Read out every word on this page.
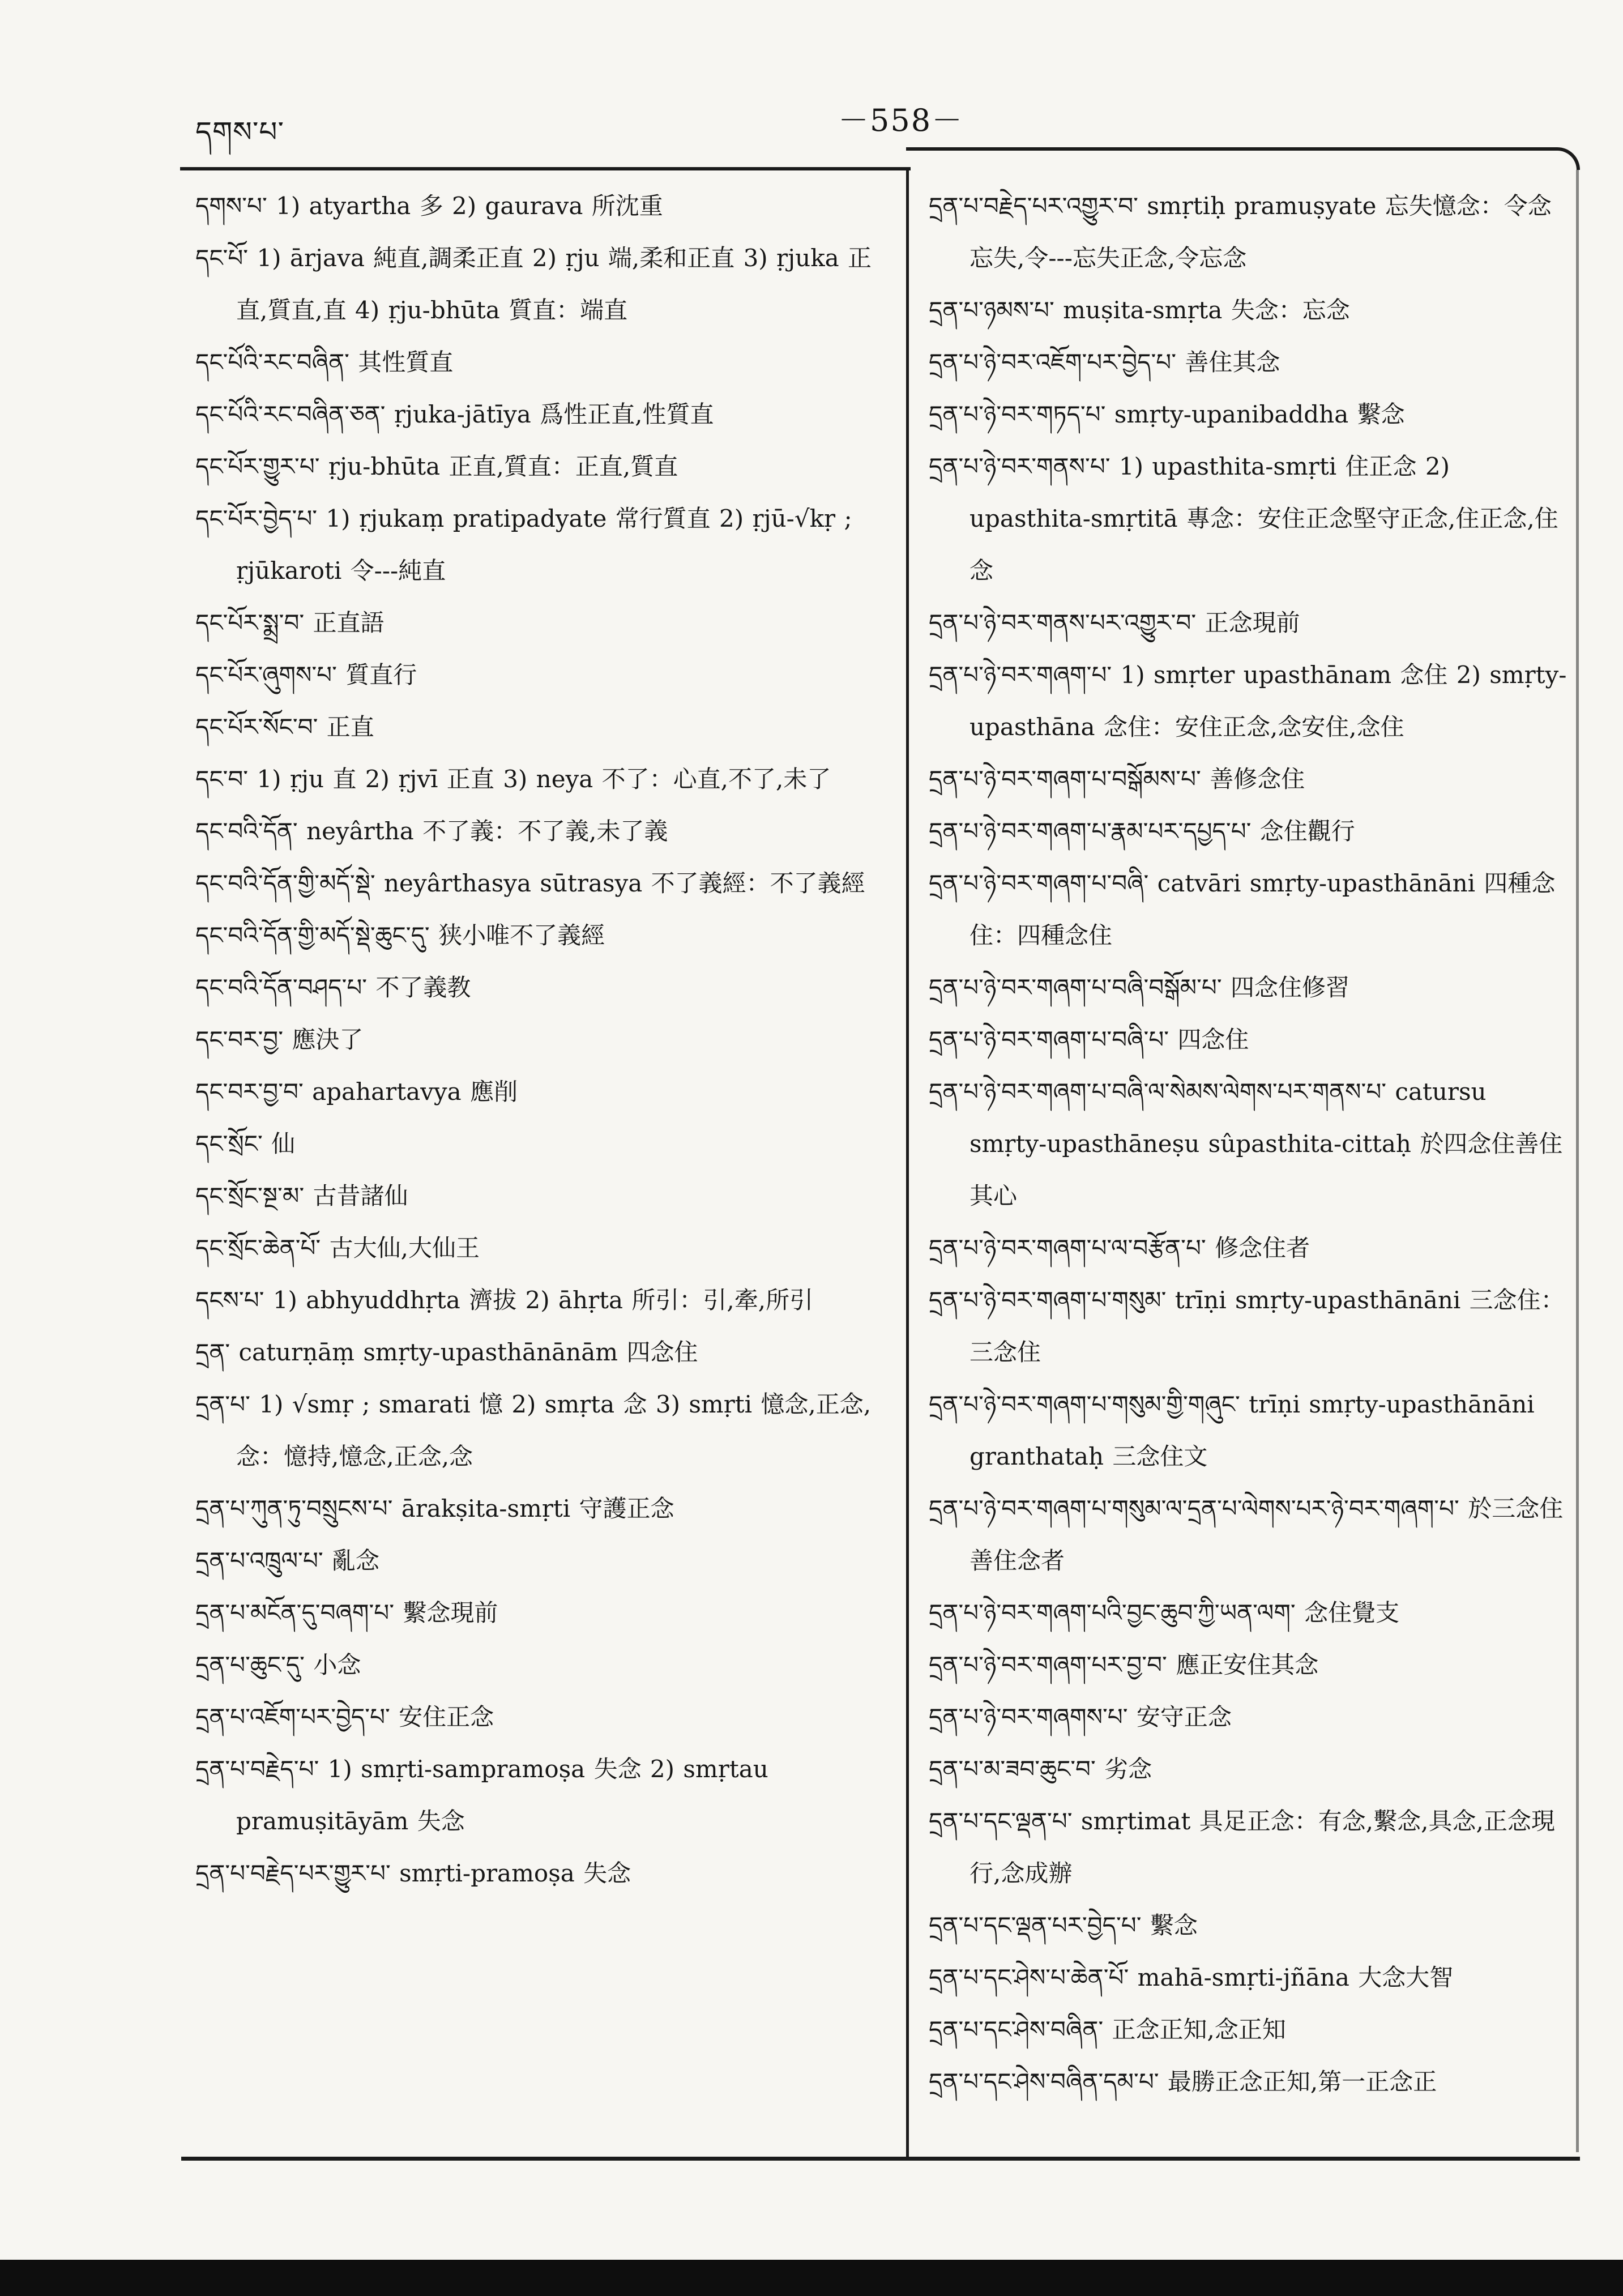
དགས་པ་	－558－
དགས་པ་ 1) atyartha 多 2) gaurava 所沈重
དང་པོ་ 1) ārjava 純直,調柔正直 2) ṛju 端,柔和正直 3) ṛjuka 正直,質直,直 4) ṛju-bhūta 質直：端直
དང་པོའི་རང་བཞིན་ 其性質直
དང་པོའི་རང་བཞིན་ཅན་ ṛjuka-jātīya 爲性正直,性質直
དང་པོར་གྱུར་པ་ ṛju-bhūta 正直,質直：正直,質直
དང་པོར་བྱེད་པ་ 1) ṛjukaṃ pratipadyate 常行質直 2) ṛjū-√kṛ ; ṛjūkaroti 令---純直
དང་པོར་སྨྲ་བ་ 正直語
དང་པོར་ཞུགས་པ་ 質直行
དང་པོར་སོང་བ་ 正直
དང་བ་ 1) ṛju 直 2) ṛjvī 正直 3) neya 不了：心直,不了,未了
དང་བའི་དོན་ neyârtha 不了義：不了義,未了義
དང་བའི་དོན་གྱི་མདོ་སྡེ་ neyârthasya sūtrasya 不了義經：不了義經
དང་བའི་དོན་གྱི་མདོ་སྡེ་ཆུང་དུ་ 狭小唯不了義經
དང་བའི་དོན་བཤད་པ་ 不了義教
དང་བར་བྱ་ 應決了
དང་བར་བྱ་བ་ apahartavya 應削
དང་སྲོང་ 仙
དང་སྲོང་སྔ་མ་ 古昔諸仙
དང་སྲོང་ཆེན་པོ་ 古大仙,大仙王
དངས་པ་ 1) abhyuddhṛta 濟拔 2) āhṛta 所引：引,牽,所引
དྲན་ caturṇāṃ smṛty-upasthānānām 四念住
དྲན་པ་ 1) √smṛ ; smarati 憶 2) smṛta 念 3) smṛti 憶念,正念,念：憶持,憶念,正念,念
དྲན་པ་ཀུན་ཏུ་བསྲུངས་པ་ ārakṣita-smṛti 守護正念
དྲན་པ་འཁྲུལ་པ་ 亂念
དྲན་པ་མངོན་དུ་བཞག་པ་ 繫念現前
དྲན་པ་ཆུང་དུ་ 小念
དྲན་པ་འཇོག་པར་བྱེད་པ་ 安住正念
དྲན་པ་བརྗེད་པ་ 1) smṛti-sampramoṣa 失念 2) smṛtau pramuṣitāyām 失念
དྲན་པ་བརྗེད་པར་གྱུར་པ་ smṛti-pramoṣa 失念
དྲན་པ་བརྗེད་པར་འགྱུར་བ་ smṛtiḥ pramuṣyate 忘失憶念：令念忘失,令---忘失正念,令忘念
དྲན་པ་ཉམས་པ་ muṣita-smṛta 失念：忘念
དྲན་པ་ཉེ་བར་འཇོག་པར་བྱེད་པ་ 善住其念
དྲན་པ་ཉེ་བར་གཏད་པ་ smṛty-upanibaddha 繫念
དྲན་པ་ཉེ་བར་གནས་པ་ 1) upasthita-smṛti 住正念 2) upasthita-smṛtitā 專念：安住正念堅守正念,住正念,住念
དྲན་པ་ཉེ་བར་གནས་པར་འགྱུར་བ་ 正念現前
དྲན་པ་ཉེ་བར་གཞག་པ་ 1) smṛter upasthānam 念住 2) smṛty-upasthāna 念住：安住正念,念安住,念住
དྲན་པ་ཉེ་བར་གཞག་པ་བསྒོམས་པ་ 善修念住
དྲན་པ་ཉེ་བར་གཞག་པ་རྣམ་པར་དཔྱད་པ་ 念住觀行
དྲན་པ་ཉེ་བར་གཞག་པ་བཞི་ catvāri smṛty-upasthānāni 四種念住：四種念住
དྲན་པ་ཉེ་བར་གཞག་པ་བཞི་བསྒོམ་པ་ 四念住修習
དྲན་པ་ཉེ་བར་གཞག་པ་བཞི་པ་ 四念住
དྲན་པ་ཉེ་བར་གཞག་པ་བཞི་ལ་སེམས་ལེགས་པར་གནས་པ་ catursu smṛty-upasthāneṣu sûpasthita-cittaḥ 於四念住善住其心
དྲན་པ་ཉེ་བར་གཞག་པ་ལ་བརྩོན་པ་ 修念住者
དྲན་པ་ཉེ་བར་གཞག་པ་གསུམ་ trīṇi smṛty-upasthānāni 三念住：三念住
དྲན་པ་ཉེ་བར་གཞག་པ་གསུམ་གྱི་གཞུང་ trīṇi smṛty-upasthānāni granthataḥ 三念住文
དྲན་པ་ཉེ་བར་གཞག་པ་གསུམ་ལ་དྲན་པ་ལེགས་པར་ཉེ་བར་གཞག་པ་ 於三念住善住念者
དྲན་པ་ཉེ་བར་གཞག་པའི་བྱང་ཆུབ་ཀྱི་ཡན་ལག་ 念住覺支
དྲན་པ་ཉེ་བར་གཞག་པར་བྱ་བ་ 應正安住其念
དྲན་པ་ཉེ་བར་གཞགས་པ་ 安守正念
དྲན་པ་མ་ཟབ་ཆུང་བ་ 劣念
དྲན་པ་དང་ལྡན་པ་ smṛtimat 具足正念：有念,繫念,具念,正念現行,念成辦
དྲན་པ་དང་ལྡན་པར་བྱེད་པ་ 繫念
དྲན་པ་དང་ཤེས་པ་ཆེན་པོ་ mahā-smṛti-jñāna 大念大智
དྲན་པ་དང་ཤེས་བཞིན་ 正念正知,念正知
དྲན་པ་དང་ཤེས་བཞིན་དམ་པ་ 最勝正念正知,第一正念正
